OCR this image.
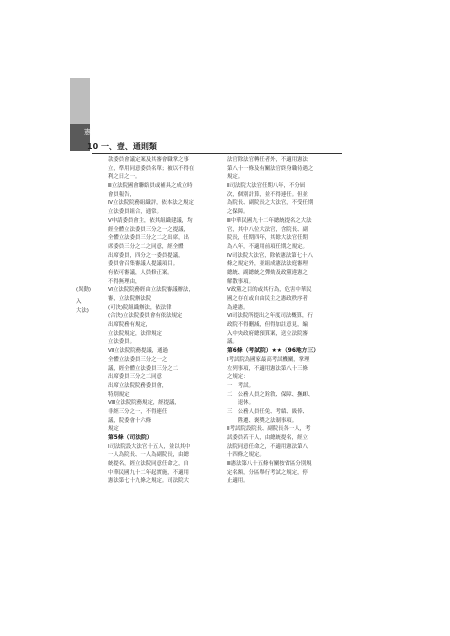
憲
10 一、壹、通則類
款委員會議定案及其審會職掌之事
立，準用同意委員名單；被以不得在
利之日之一。
Ⅲ立法院國會聯絡員或補具之成立時
會員報告，
Ⅳ立法院院務組織評，依本法之規定
立法委員組合，通常。
Ⅴ申請委員會主，依其組織建議，均
經全體立法委員三分之一之提議，
全體立法委員三分之二之出席，出
席委員三分之二之同意，經全體
出席委員，四分之一委員提議，
委員會召集審議人提議項目。
有依可審議，人員修正案。
不得無理由，
Ⅵ立法院院務經由立法院審議辦法，
審，立法院辦法院
(可決)院組織辦法，依法律
(合決)立法院委員會有依法規定
出席院務有規定，
立法院規定，法律規定
立法委員。
Ⅶ立法院院務提議，通過
全體立法委員三分之一之
議，經全體立法委員三分之二
出席委員三分之二同意
出席立法院院務委員會，
特別規定
Ⅷ立法院院務規定，經提議，
非經三分之一，不得連任
議，院委會十六條
規定
第5條（司法院）
Ⅰ司法院設大法官十五人，並以其中
一人為院長、一人為副院長，由總
統提名，經立法院同意任命之，自
中華民國九十二年起實施，不適用
憲法第七十九條之規定。司法院大
法官除法官轉任者外，不適用憲法
第八十一條及有關法官終身職待遇之
規定。
Ⅱ司法院大法官任期八年，不分屆
次，個別計算，並不得連任。但並
為院長、副院長之大法官，不受任期
之保障。
Ⅲ中華民國九十二年總統提名之大法
官，其中八位大法官，含院長、副
院長，任期四年，其餘大法官任期
為八年，不適用前項任期之規定。
Ⅳ司法院大法官，除依憲法第七十八
條之規定外，並組成憲法法庭審理
總統、副總統之彈劾及政黨違憲之
解散事項。
Ⅴ政黨之目的或其行為，危害中華民
國之存在或自由民主之憲政秩序者
為違憲。
Ⅵ司法院所提出之年度司法概算，行
政院不得刪減，但得加註意見，編
入中央政府總預算案，送立法院審
議。
第6條（考試院）★★（96地方三）
Ⅰ考試院為國家最高考試機關，掌理
左列事項，不適用憲法第八十三條
之規定：
一　考試。
二　公務人員之銓敘、保障、撫卹、
　　退休。
三　公務人員任免、考績、級俸、
　　陞遷、褒獎之法制事項。
Ⅱ考試院設院長、副院長各一人，考
試委員若干人，由總統提名，經立
法院同意任命之，不適用憲法第八
十四條之規定。
Ⅲ憲法第八十五條有關按省區分別規
定名額，分區舉行考試之規定，停
止適用。
(異動)
入
大法)
